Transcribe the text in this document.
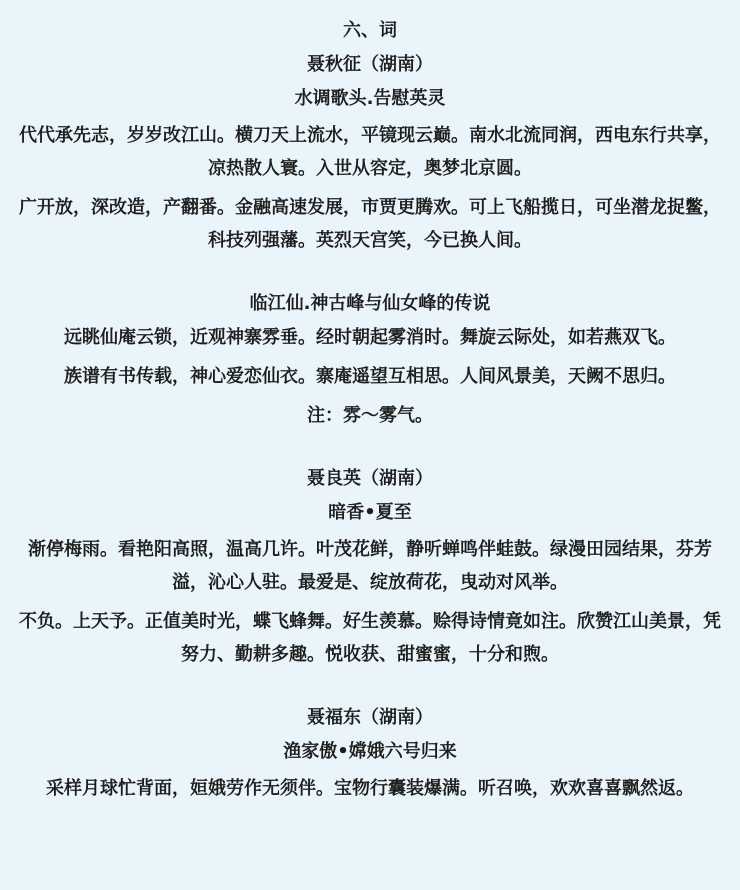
六、词

聂秋征（湖南）

水调歌头.告慰英灵

代代承先志，岁岁改江山。横刀天上流水，平镜现云巅。南水北流同润，西电东行共享，凉热散人寰。入世从容定，奥梦北京圆。

广开放，深改造，产翻番。金融高速发展，市贾更腾欢。可上飞船揽日，可坐潜龙捉鳖，科技列强藩。英烈天宫笑，今已换人间。

临江仙.神古峰与仙女峰的传说

远眺仙庵云锁，近观神寨雰垂。经时朝起雾消时。舞旋云际处，如若燕双飞。

族谱有书传载，神心爱恋仙衣。寨庵遥望互相思。人间风景美，天阙不思归。

注：雰～雾气。

聂良英（湖南）

暗香•夏至

渐停梅雨。看艳阳高照，温高几许。叶茂花鲜，静听蝉鸣伴蛙鼓。绿漫田园结果，芬芳溢，沁心人驻。最爱是、绽放荷花，曳动对风举。

不负。上天予。正值美时光，蝶飞蜂舞。好生羡慕。赊得诗情竟如注。欣赞江山美景，凭努力、勤耕多趣。悦收获、甜蜜蜜，十分和煦。

聂福东（湖南）

渔家傲•嫦娥六号归来

采样月球忙背面，姮娥劳作无须伴。宝物行囊装爆满。听召唤，欢欢喜喜飘然返。
